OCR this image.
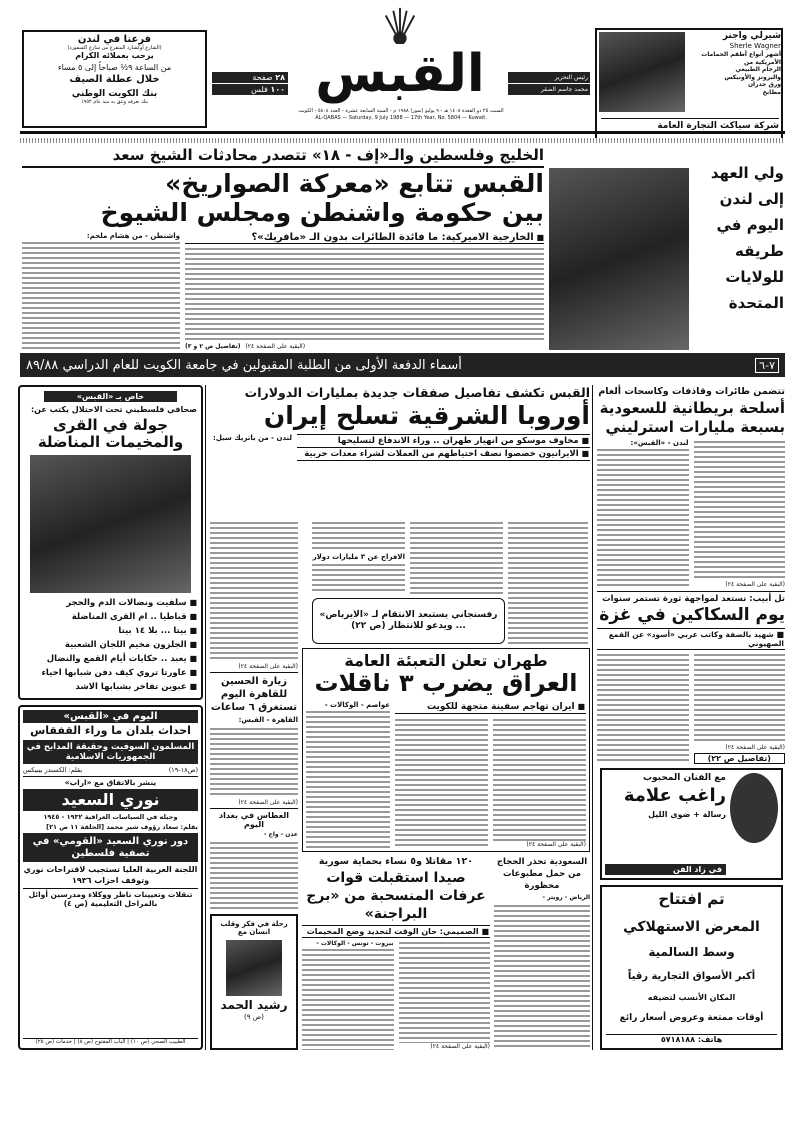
فرعنا في لندن
(الشارع أوكشارد المتفرع من شارع اكسفورد)
يرحب بعملائه الكرام
من الساعة ٩½ صباحاً إلى ٥ مساء
خلال عطلة الصيف
بنك الكويت الوطني
بنك تعرفه وتثق به منذ عام ١٩٥٢
٢٨ صفحة
١٠٠ فلس القبس	رئيس التحرير
محمد جاسم الصقر
السبت ٢٥ ذو القعدة ١٤٠٨ هـ - ٩ يوليو (تموز) ١٩٨٨ م - السنة السابعة عشرة - العدد ٥٨٠٤ - الكويت
AL-QABAS — Saturday, 9 July 1988 — 17th Year, No. 5804 — Kuwait.
شيرلي واجنر
Sherle Wagner
أشهر أنواع أطقم الحمامات الأمريكية من
الرخام الطبيعي
والبرونز والأونيكس
ورق جدران
مطابخ
شركة سياكث التجارة العامة
الخليج وفلسطين والـ«إف - ١٨» تتصدر محادثات الشيخ سعد
القبس تتابع «معركة الصواريخ»
بين حكومة واشنطن ومجلس الشيوخ
واشنطن - من هشام ملحم:	■ الخارجية الاميركية: ما فائدة الطائرات بدون الـ «مافريك»؟
(تفاصيل ص ٢ و ٣) (البقية على الصفحة ٢٤)
ولي العهد إلى لندن اليوم في طريقه للولايات المتحدة
أسماء الدفعة الأولى من الطلبة المقبولين في جامعة الكويت للعام الدراسي ٨٩/٨٨	٧-٦
خاص بـ «القبس»
صحافي فلسطيني تحت الاحتلال يكتب عن:
جولة في القرى والمخيمات المناضلة
■ سلفيت ونضالات الدم والحجر
■ قباطيا .. ام القرى المناضلة
■ بيتا ... بلا ١٤ بيتا
■ الجلزون مخيم اللجان الشعبية
■ يعبد .. حكايات أيام القمع والنضال
■ عاورتا تروي كيف دفن شبابها احياء
■ عبوين تفاخر بشبابها الاشد
اليوم في «القبس»
احداث بلدان ما وراء القفقاس
المسلمون السوفيت وحقيقة المدابح في الجمهوريات الاسلامية
بقلم: الكسندر بينيكس	(ص١٨-١٩)
ينشر بالاتفاق مع «اراب»
نوري السعيد
وحيله في السياسات العراقية ١٩٣٢ - ١٩٤٥
بقلم: سعاد رؤوف شير محمد [الحلقة ١١ ص ٢١]
دور نوري السعيد «القومي» في تصفية فلسطين
اللجنة العربية العليا تستجيب لاقتراحات نوري وتوقف احزاب ١٩٣٦
تنقلات وتعيينات ناظر ووكلاء ومدرسين أوائل بالمراحل التعليمية (ص ٤)
الطبيب الصحي (ص ١٠) | الباب المفتوح (ص ٨) | خدمات (ص ٢٥)
القبس تكشف تفاصيل صفقات جديدة بمليارات الدولارات
أوروبا الشرقية تسلح إيران
لندن - من باتريك سيل:	■ مخاوف موسكو من انهيار طهران .. وراء الاندفاع لتسليحها
■ الايرانيون خصصوا نصف احتياطهم من العملات لشراء معدات حربية
الافراج عن ٣ مليارات دولار
رفسنجاني يستبعد الانتقام لـ «الايرباص»
... ويدعو للانتظار (ص ٢٢)
(البقية على الصفحة ٢٤)
زيارة الحسين للقاهرة اليوم تستغرق ٦ ساعات
القاهرة - القبس:
(البقية على الصفحة ٢٤)
العطاس في بغداد اليوم
عدن - واج -
رحلة في فكر وقلب انسان مع
رشيد الحمد
(ص ٩)
طهران تعلن التعبئة العامة
العراق يضرب ٣ ناقلات
عواصم - الوكالات -	■ ايران تهاجم سفينة متجهة للكويت
(البقية على الصفحة ٢٤)
١٢٠ مقاتلا و٥ نساء بحماية سورية
صيدا استقبلت قوات عرفات المنسحبة من «برج البراجنة»
■ الصميمي: حان الوقت لتحديد وضع المخيمات
بيروت - تونس - الوكالات -
(البقية على الصفحة ٢٤)
السعودية تحذر الحجاج من حمل مطبوعات محظورة
الرياض - رويتر -
تتضمن طائرات وقاذفات وكاسحات ألغام
أسلحة بريطانية للسعودية بسبعة مليارات استرليني
لندن - «القبس»:
(البقية على الصفحة ٢٤)
تل أبيب: نستعد لمواجهة ثورة تستمر سنوات
يوم السكاكين في غزة
■ شهيد بالضفة وكاتب عربي «أسود» عن القمع الصهيوني
(البقية على الصفحة ٢٤)
(تفاصيل ص ٢٢)
مع الفنان المحبوب
راغب علامة
رسالة + ضوى الليل
في زاد الفن
تم افتتاح
المعرض الاستهلاكي
وسط السالمية
أكبر الأسواق التجارية رقياً
المكان الأنسب لتضيفه
أوقات ممتعة وعروض أسعار رائع
هاتف: ٥٧١٨١٨٨
